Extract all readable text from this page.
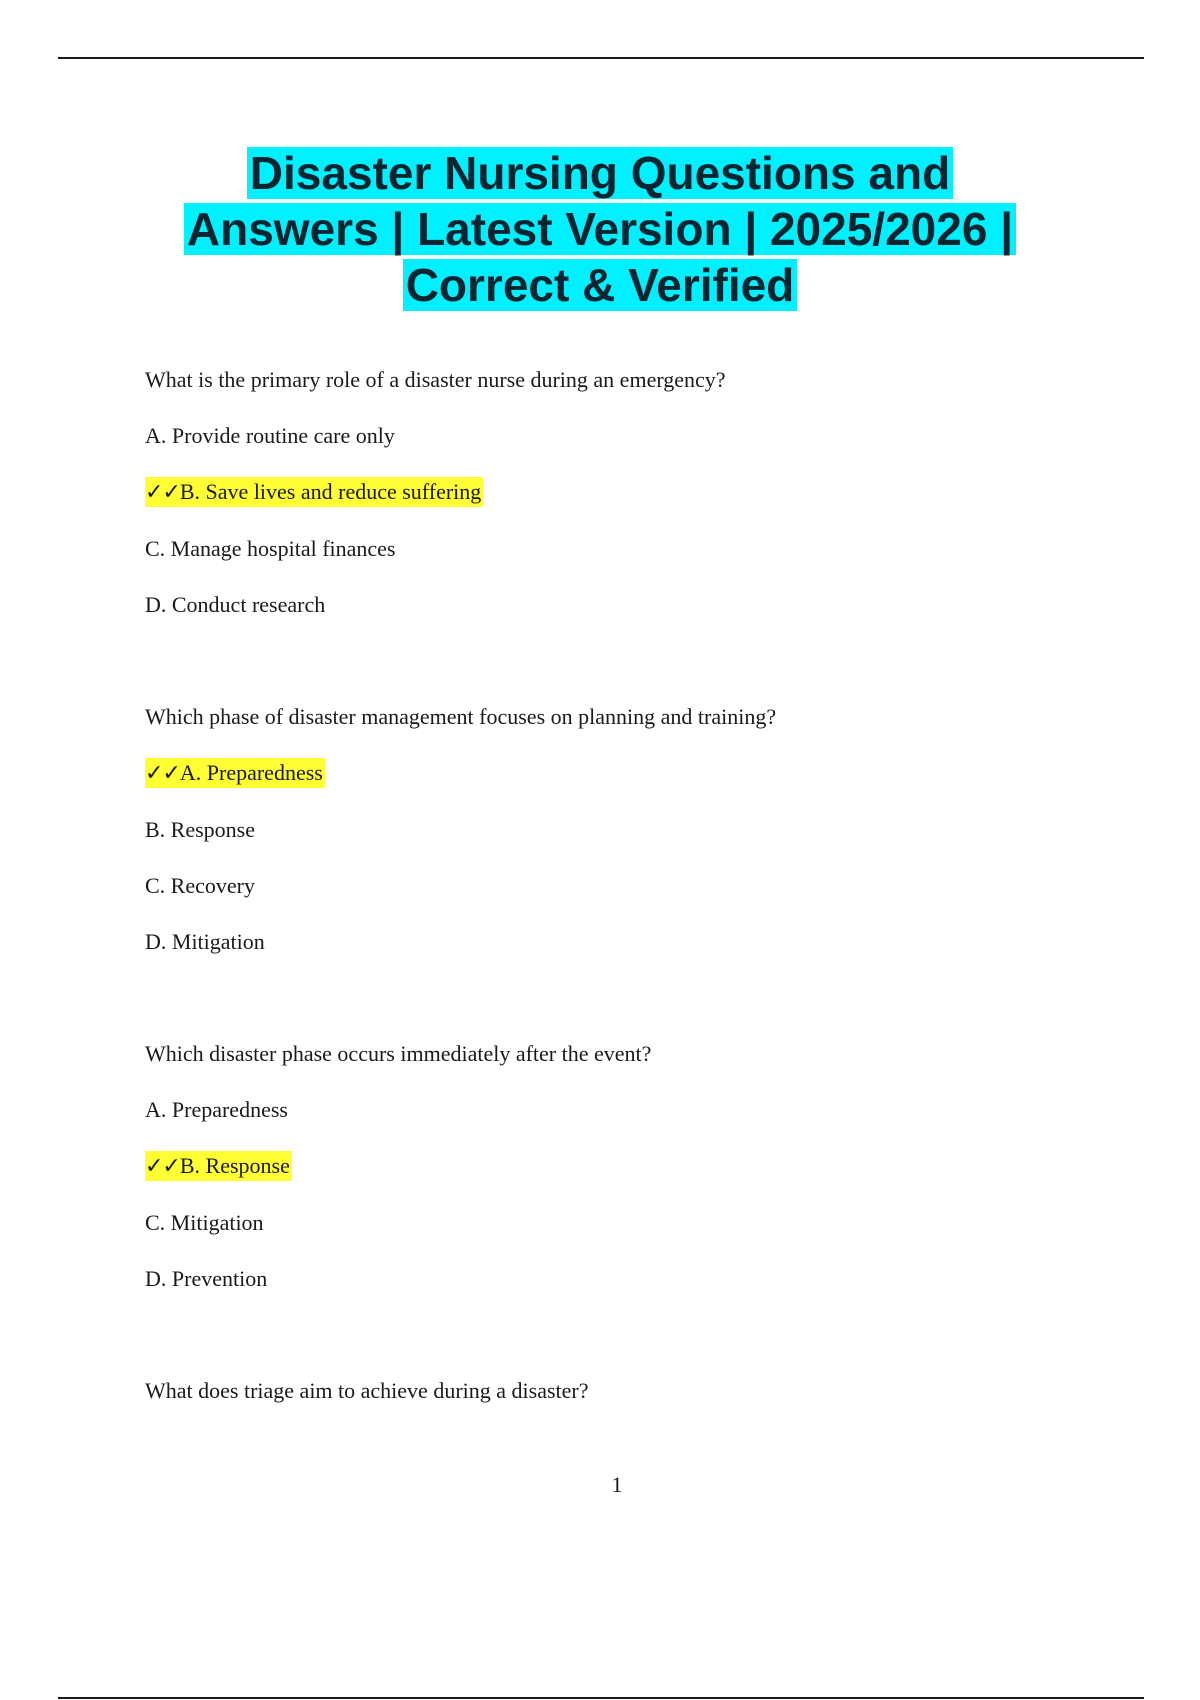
Disaster Nursing Questions and
Answers | Latest Version | 2025/2026 |
Correct & Verified
What is the primary role of a disaster nurse during an emergency?
A. Provide routine care only
✓✓B. Save lives and reduce suffering
C. Manage hospital finances
D. Conduct research
Which phase of disaster management focuses on planning and training?
✓✓A. Preparedness
B. Response
C. Recovery
D. Mitigation
Which disaster phase occurs immediately after the event?
A. Preparedness
✓✓B. Response
C. Mitigation
D. Prevention
What does triage aim to achieve during a disaster?
1
